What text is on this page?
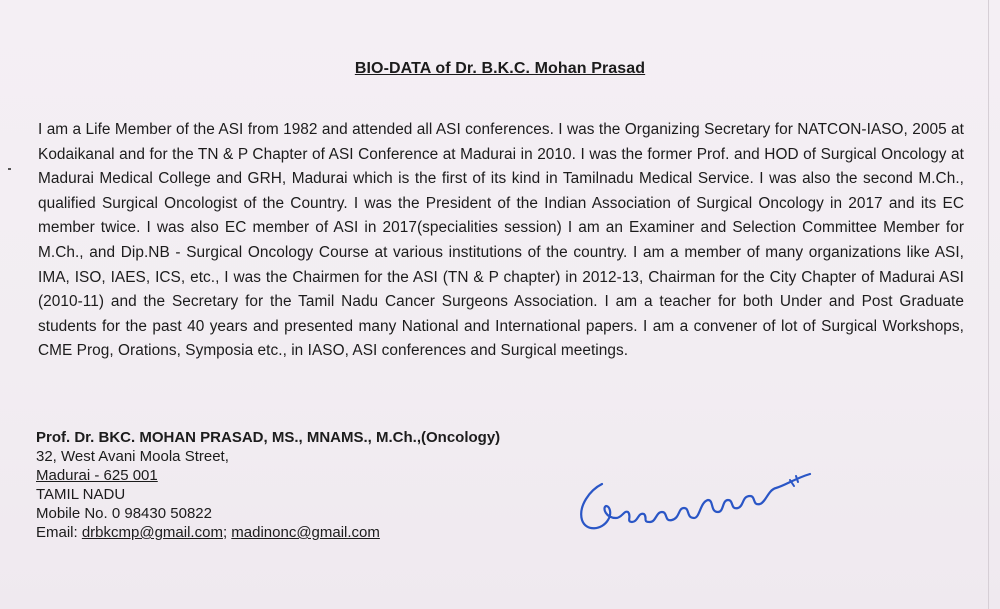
BIO-DATA of Dr. B.K.C. Mohan Prasad
I am a Life Member of the ASI from 1982 and attended all ASI conferences. I was the Organizing Secretary for NATCON-IASO, 2005 at Kodaikanal and for the TN & P Chapter of ASI Conference at Madurai in 2010. I was the former Prof. and HOD of Surgical Oncology at Madurai Medical College and GRH, Madurai which is the first of its kind in Tamilnadu Medical Service. I was also the second M.Ch., qualified Surgical Oncologist of the Country. I was the President of the Indian Association of Surgical Oncology in 2017 and its EC member twice. I was also EC member of ASI in 2017(specialities session) I am an Examiner and Selection Committee Member for M.Ch., and Dip.NB - Surgical Oncology Course at various institutions of the country. I am a member of many organizations like ASI, IMA, ISO, IAES, ICS, etc., I was the Chairmen for the ASI (TN & P chapter) in 2012-13, Chairman for the City Chapter of Madurai ASI (2010-11) and the Secretary for the Tamil Nadu Cancer Surgeons Association. I am a teacher for both Under and Post Graduate students for the past 40 years and presented many National and International papers. I am a convener of lot of Surgical Workshops, CME Prog, Orations, Symposia etc., in IASO, ASI conferences and Surgical meetings.
Prof. Dr. BKC. MOHAN PRASAD, MS., MNAMS., M.Ch.,(Oncology)
32, West Avani Moola Street,
Madurai - 625 001
TAMIL NADU
Mobile No. 0 98430 50822
Email: drbkcmp@gmail.com; madinonc@gmail.com
